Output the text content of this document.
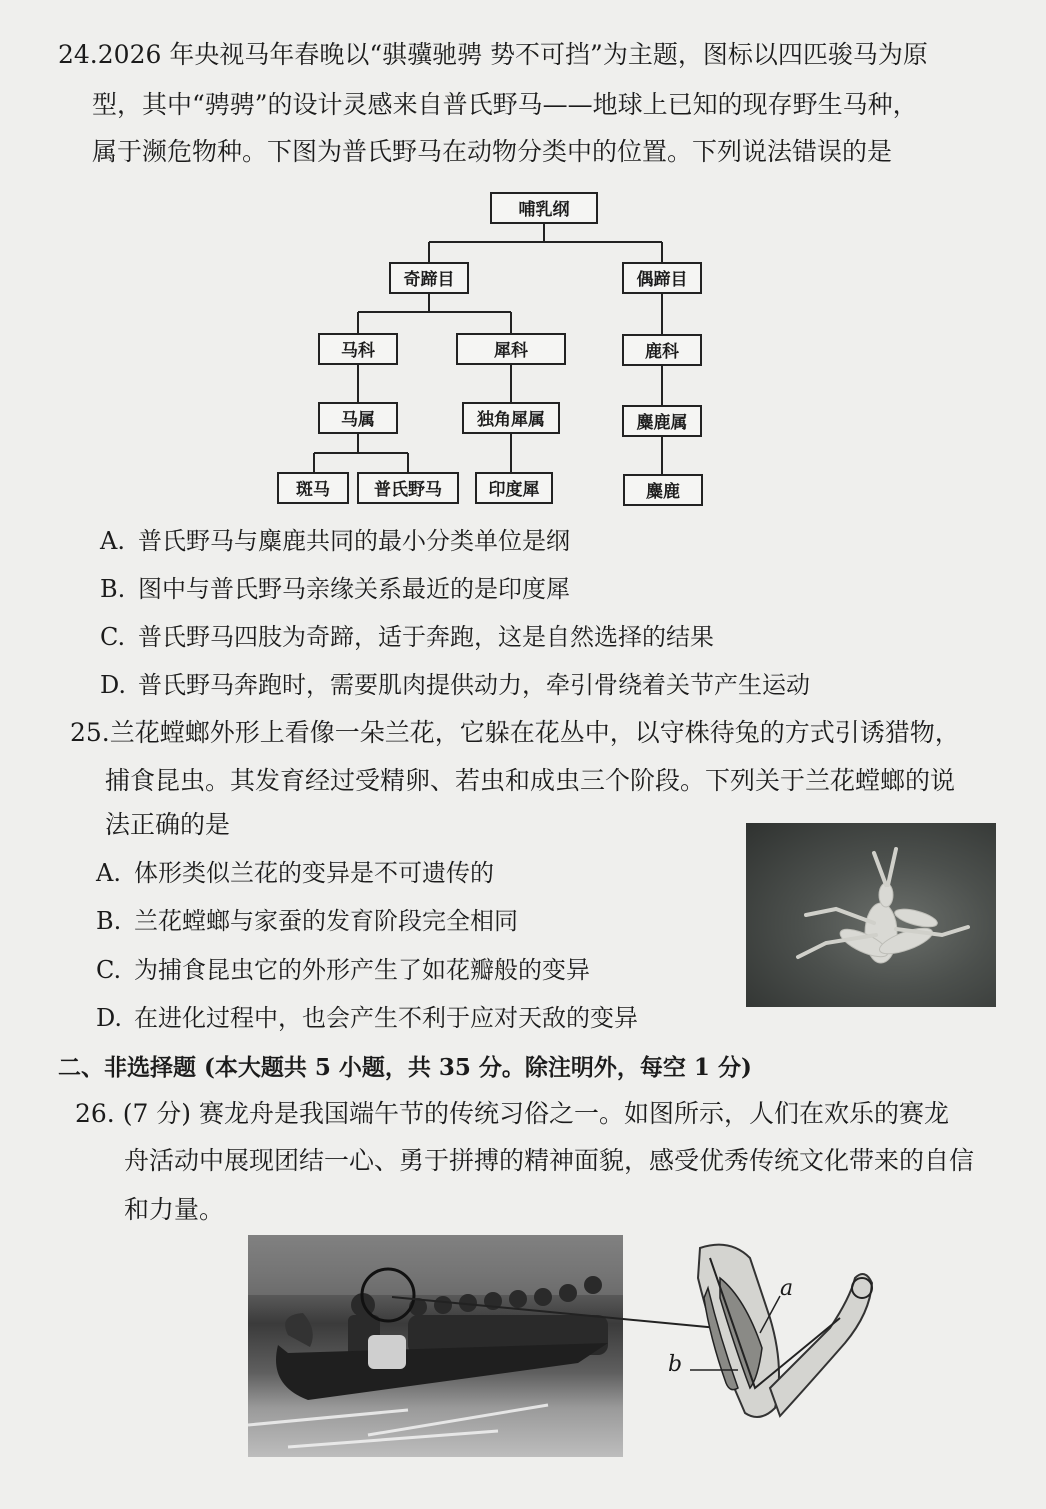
24.2026 年央视马年春晚以“骐骥驰骋 势不可挡”为主题，图标以四匹骏马为原
型，其中“骋骋”的设计灵感来自普氏野马——地球上已知的现存野生马种，
属于濒危物种。下图为普氏野马在动物分类中的位置。下列说法错误的是
哺乳纲
奇蹄目	偶蹄目
马科	犀科	鹿科
马属	独角犀属	麋鹿属
斑马	普氏野马	印度犀	麋鹿
A. 普氏野马与麋鹿共同的最小分类单位是纲
B. 图中与普氏野马亲缘关系最近的是印度犀
C. 普氏野马四肢为奇蹄，适于奔跑，这是自然选择的结果
D. 普氏野马奔跑时，需要肌肉提供动力，牵引骨绕着关节产生运动
25.兰花螳螂外形上看像一朵兰花，它躲在花丛中，以守株待兔的方式引诱猎物，
捕食昆虫。其发育经过受精卵、若虫和成虫三个阶段。下列关于兰花螳螂的说
法正确的是
A. 体形类似兰花的变异是不可遗传的
B. 兰花螳螂与家蚕的发育阶段完全相同
C. 为捕食昆虫它的外形产生了如花瓣般的变异
D. 在进化过程中，也会产生不利于应对天敌的变异
二、非选择题 (本大题共 5 小题，共 35 分。除注明外，每空 1 分)
26. (7 分) 赛龙舟是我国端午节的传统习俗之一。如图所示，人们在欢乐的赛龙
舟活动中展现团结一心、勇于拼搏的精神面貌，感受优秀传统文化带来的自信
和力量。
a
b
